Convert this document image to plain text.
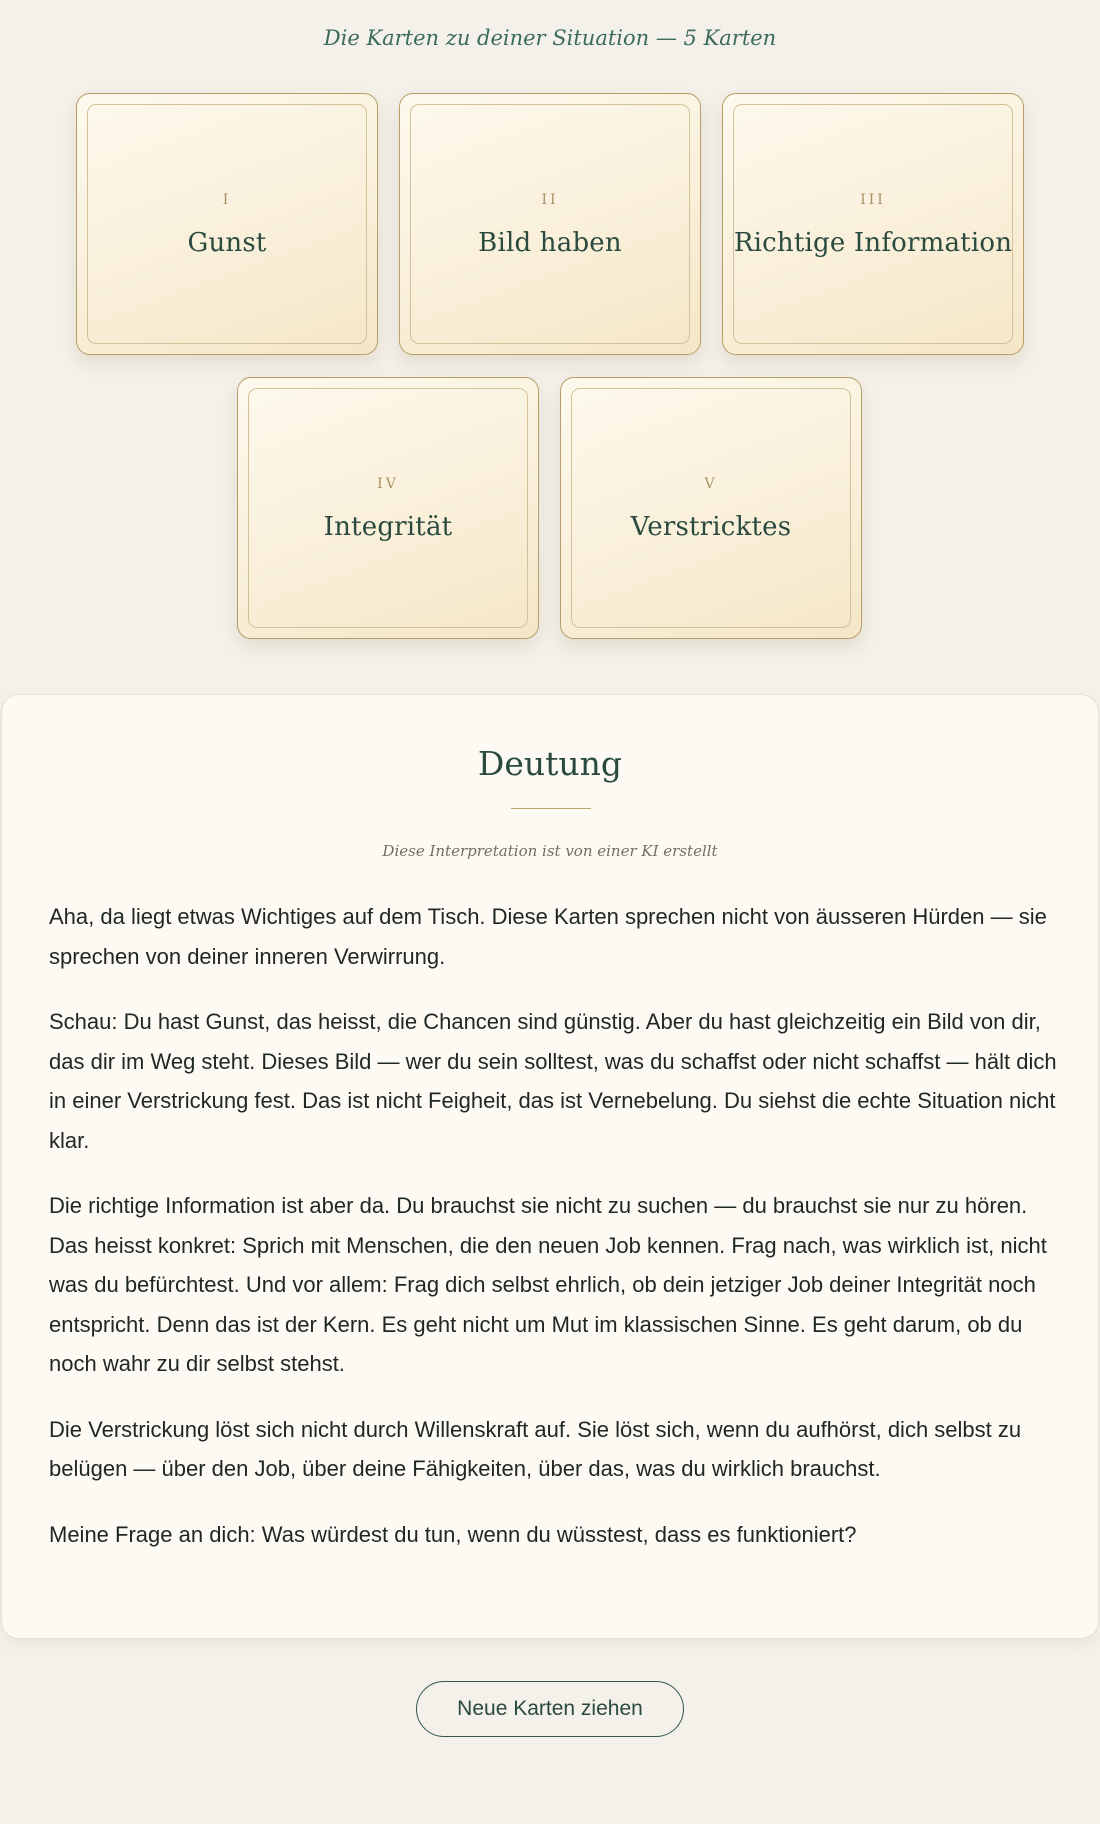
Die Karten zu deiner Situation — 5 Karten
I
Gunst
II
Bild haben
III
Richtige Information
IV
Integrität
V
Verstricktes
Deutung
Diese Interpretation ist von einer KI erstellt

Aha, da liegt etwas Wichtiges auf dem Tisch. Diese Karten sprechen nicht von äusseren Hürden — sie sprechen von deiner inneren Verwirrung.

Schau: Du hast Gunst, das heisst, die Chancen sind günstig. Aber du hast gleichzeitig ein Bild von dir, das dir im Weg steht. Dieses Bild — wer du sein solltest, was du schaffst oder nicht schaffst — hält dich in einer Verstrickung fest. Das ist nicht Feigheit, das ist Vernebelung. Du siehst die echte Situation nicht klar.

Die richtige Information ist aber da. Du brauchst sie nicht zu suchen — du brauchst sie nur zu hören. Das heisst konkret: Sprich mit Menschen, die den neuen Job kennen. Frag nach, was wirklich ist, nicht was du befürchtest. Und vor allem: Frag dich selbst ehrlich, ob dein jetziger Job deiner Integrität noch entspricht. Denn das ist der Kern. Es geht nicht um Mut im klassischen Sinne. Es geht darum, ob du noch wahr zu dir selbst stehst.

Die Verstrickung löst sich nicht durch Willenskraft auf. Sie löst sich, wenn du aufhörst, dich selbst zu belügen — über den Job, über deine Fähigkeiten, über das, was du wirklich brauchst.

Meine Frage an dich: Was würdest du tun, wenn du wüsstest, dass es funktioniert?

Neue Karten ziehen
